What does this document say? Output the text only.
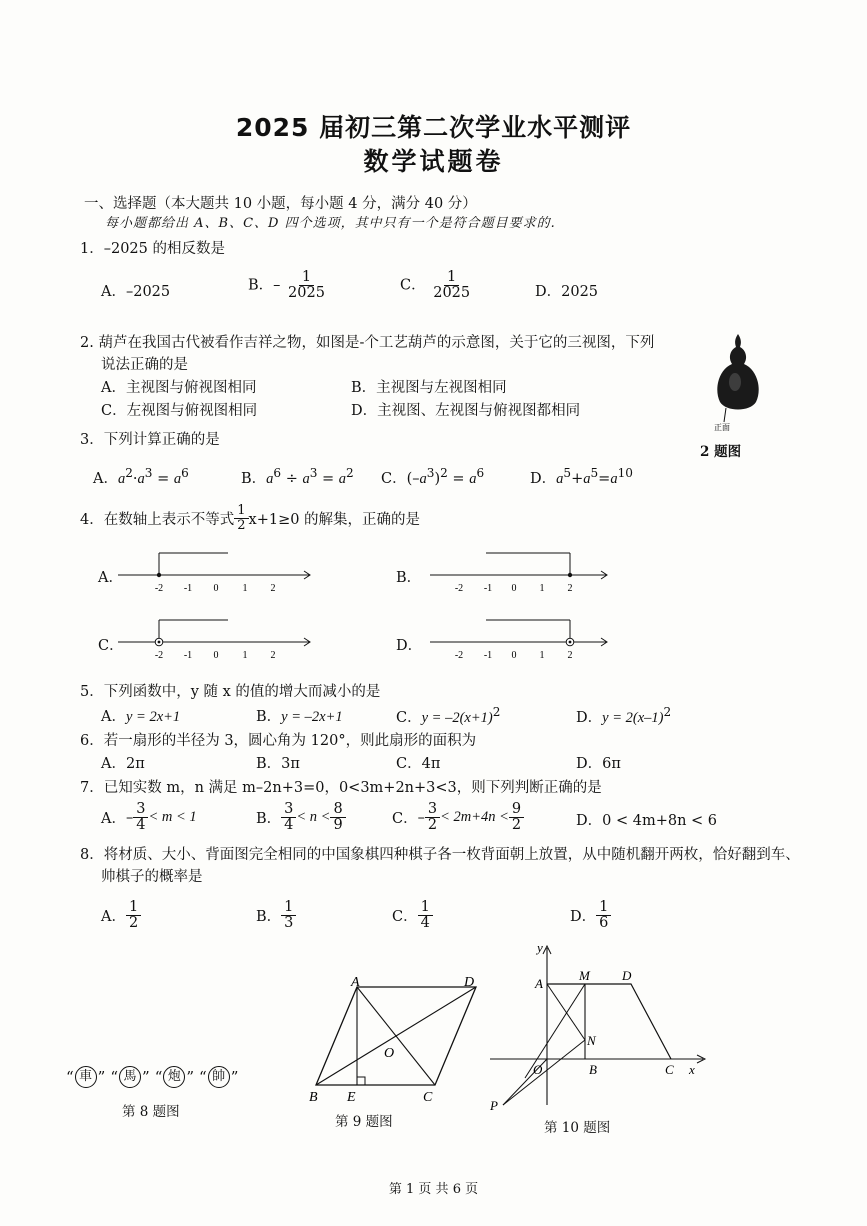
2025 届初三第二次学业水平测评
数学试题卷
一、选择题（本大题共 10 小题，每小题 4 分，满分 40 分）
每小题都给出 A、B、C、D 四个选项，其中只有一个是符合题目要求的.
1．–2025 的相反数是
A．–2025	B．– $\frac{1}{2025}$	C． $\frac{1}{2025}$	D．2025
2. 葫芦在我国古代被看作吉祥之物，如图是-个工艺葫芦的示意图，关于它的三视图，下列
说法正确的是
A．主视图与俯视图相同	B．主视图与左视图相同
C．左视图与俯视图相同	D．主视图、左视图与俯视图都相同
正面
2 题图
3．下列计算正确的是
A．$a^2\cdot a^3 = a^6$	B．$a^6 \div a^3 = a^2$ C．$(-a^3)^2 = a^6$	D．$a^5+a^5=a^{10}$
4．在数轴上表示不等式 $\frac{1}{2} x+1\ge 0$ 的解集，正确的是
A．	B．
C．	D．
-2 -1 0 1 2	-2 -1 0 1 2
-2 -1 0 1 2	-2 -1 0 1 2
5．下列函数中，y 随 x 的值的增大而减小的是
A．y = 2x+1	B．y = –2x+1	C．$y = -2(x+1)^2$	D．$y = 2(x-1)^2$
6．若一扇形的半径为 3，圆心角为 120°，则此扇形的面积为
A．2π	B．3π	C．4π	D．6π
7．已知实数 m，n 满足 m–2n+3=0，0<3m+2n+3<3，则下列判断正确的是
A． – $\frac{3}{4} < m < 1$	B． $\frac{3}{4} < n < \frac{8}{9}$	C． – $\frac{3}{2} < 2m+4n < \frac{9}{2}$	D．0 < 4m+8n < 6
8．将材质、大小、背面图完全相同的中国象棋四种棋子各一枚背面朝上放置，从中随机翻开两枚，恰好翻到车、
帅棋子的概率是
A． $\frac{1}{2}$	B． $\frac{1}{3}$	C． $\frac{1}{4}$	D． $\frac{1}{6}$
“ 車 ” “ 馬 ” “ 炮 ” “ 帥 ”
第 8 题图
A	D
O
B E	C
第 9 题图
y
A
M D
N
O	B	C x
P
第 10 题图
第 1 页 共 6 页
